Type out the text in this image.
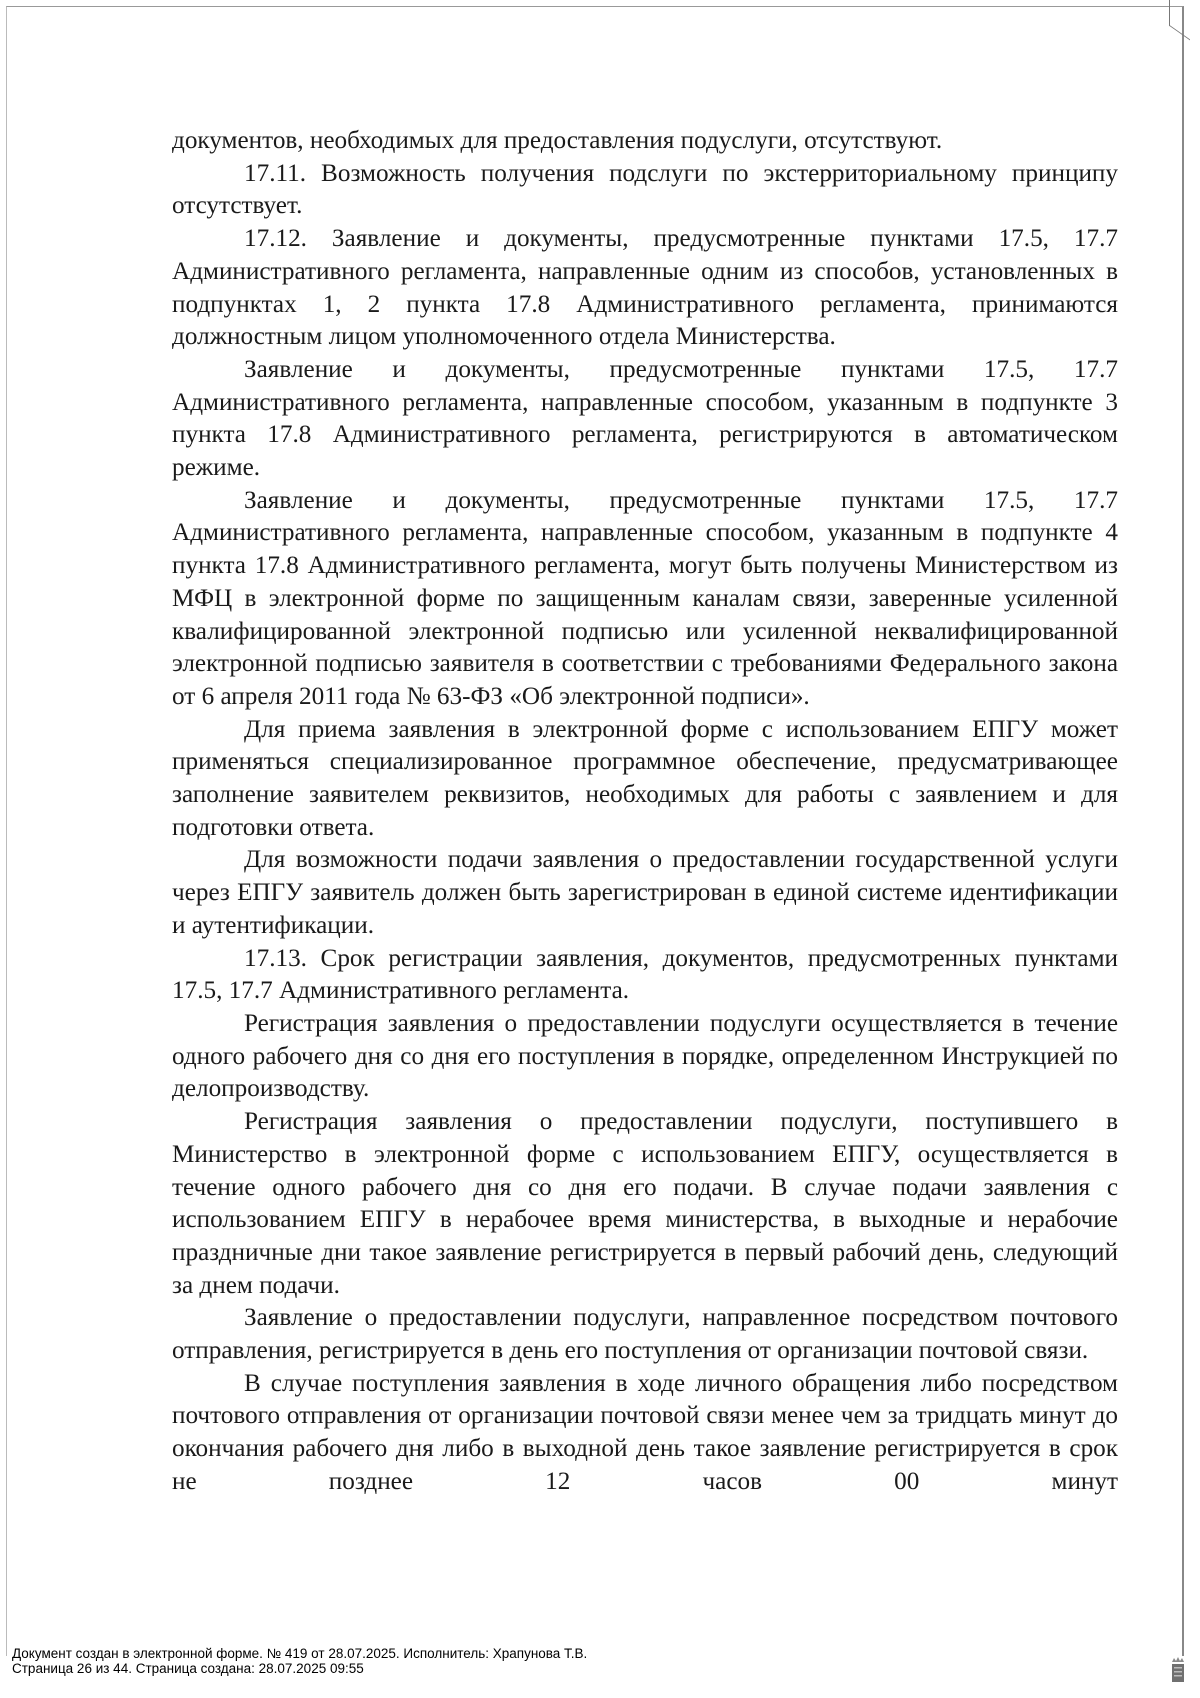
документов, необходимых для предоставления подуслуги, отсутствуют.

17.11. Возможность получения подслуги по экстерриториальному принципу отсутствует.

17.12. Заявление и документы, предусмотренные пунктами 17.5, 17.7 Административного регламента, направленные одним из способов, установленных в подпунктах 1, 2 пункта 17.8 Административного регламента, принимаются должностным лицом уполномоченного отдела Министерства.

Заявление и документы, предусмотренные пунктами 17.5, 17.7 Административного регламента, направленные способом, указанным в подпункте 3 пункта 17.8 Административного регламента, регистрируются в автоматическом режиме.

Заявление и документы, предусмотренные пунктами 17.5, 17.7 Административного регламента, направленные способом, указанным в подпункте 4 пункта 17.8 Административного регламента, могут быть получены Министерством из МФЦ в электронной форме по защищенным каналам связи, заверенные усиленной квалифицированной электронной подписью или усиленной неквалифицированной электронной подписью заявителя в соответствии с требованиями Федерального закона от 6 апреля 2011 года № 63-ФЗ «Об электронной подписи».

Для приема заявления в электронной форме с использованием ЕПГУ может применяться специализированное программное обеспечение, предусматривающее заполнение заявителем реквизитов, необходимых для работы с заявлением и для подготовки ответа.

Для возможности подачи заявления о предоставлении государственной услуги через ЕПГУ заявитель должен быть зарегистрирован в единой системе идентификации и аутентификации.

17.13. Срок регистрации заявления, документов, предусмотренных пунктами 17.5, 17.7 Административного регламента.

Регистрация заявления о предоставлении подуслуги осуществляется в течение одного рабочего дня со дня его поступления в порядке, определенном Инструкцией по делопроизводству.

Регистрация заявления о предоставлении подуслуги, поступившего в Министерство в электронной форме с использованием ЕПГУ, осуществляется в течение одного рабочего дня со дня его подачи. В случае подачи заявления с использованием ЕПГУ в нерабочее время министерства, в выходные и нерабочие праздничные дни такое заявление регистрируется в первый рабочий день, следующий за днем подачи.

Заявление о предоставлении подуслуги, направленное посредством почтового отправления, регистрируется в день его поступления от организации почтовой связи.

В случае поступления заявления в ходе личного обращения либо посредством почтового отправления от организации почтовой связи менее чем за тридцать минут до окончания рабочего дня либо в выходной день такое заявление регистрируется в срок не позднее 12 часов 00 минут

Документ создан в электронной форме. № 419 от 28.07.2025. Исполнитель: Храпунова Т.В.
Страница 26 из 44. Страница создана: 28.07.2025 09:55
